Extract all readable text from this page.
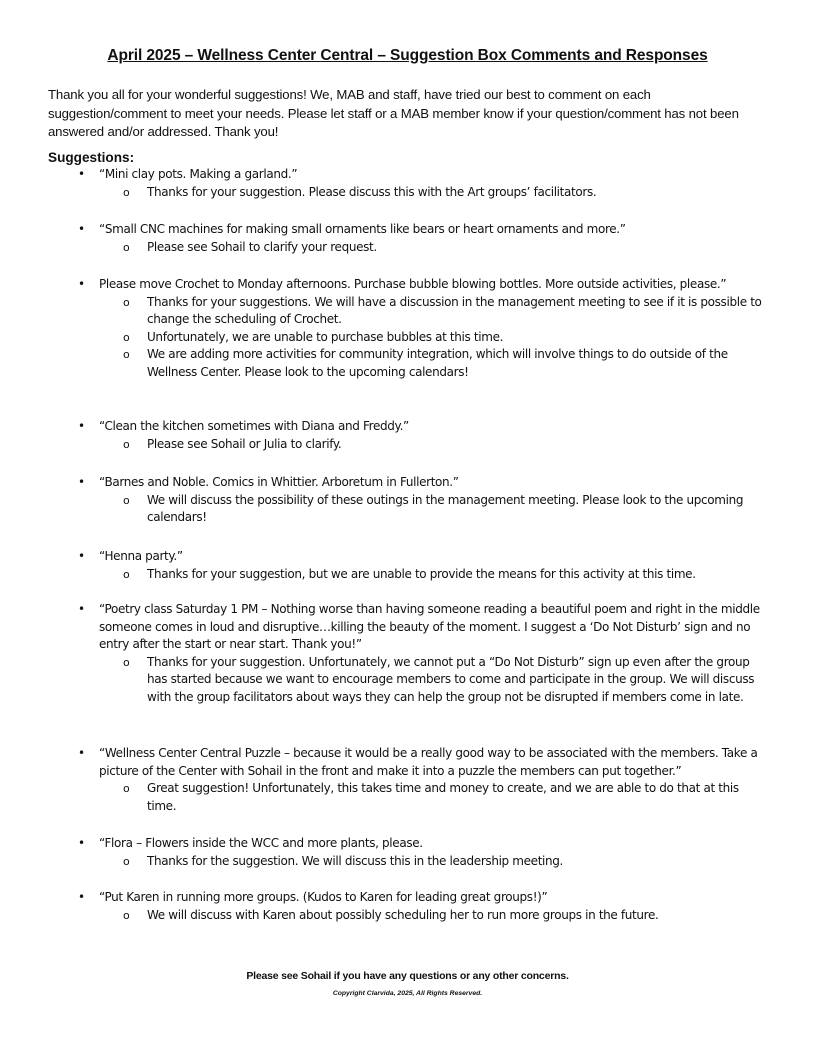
April 2025 – Wellness Center Central – Suggestion Box Comments and Responses
Thank you all for your wonderful suggestions! We, MAB and staff, have tried our best to comment on each suggestion/comment to meet your needs. Please let staff or a MAB member know if your question/comment has not been answered and/or addressed. Thank you!
Suggestions:
• “Mini clay pots. Making a garland.”
o Thanks for your suggestion. Please discuss this with the Art groups’ facilitators.
• “Small CNC machines for making small ornaments like bears or heart ornaments and more.”
o Please see Sohail to clarify your request.
• Please move Crochet to Monday afternoons. Purchase bubble blowing bottles. More outside activities, please.”
o Thanks for your suggestions. We will have a discussion in the management meeting to see if it is possible to change the scheduling of Crochet.
o Unfortunately, we are unable to purchase bubbles at this time.
o We are adding more activities for community integration, which will involve things to do outside of the Wellness Center. Please look to the upcoming calendars!
• “Clean the kitchen sometimes with Diana and Freddy.”
o Please see Sohail or Julia to clarify.
• “Barnes and Noble. Comics in Whittier. Arboretum in Fullerton.”
o We will discuss the possibility of these outings in the management meeting. Please look to the upcoming calendars!
• “Henna party.”
o Thanks for your suggestion, but we are unable to provide the means for this activity at this time.
• “Poetry class Saturday 1 PM – Nothing worse than having someone reading a beautiful poem and right in the middle someone comes in loud and disruptive…killing the beauty of the moment. I suggest a ‘Do Not Disturb’ sign and no entry after the start or near start. Thank you!”
o Thanks for your suggestion. Unfortunately, we cannot put a “Do Not Disturb” sign up even after the group has started because we want to encourage members to come and participate in the group. We will discuss with the group facilitators about ways they can help the group not be disrupted if members come in late.
• “Wellness Center Central Puzzle – because it would be a really good way to be associated with the members. Take a picture of the Center with Sohail in the front and make it into a puzzle the members can put together.”
o Great suggestion! Unfortunately, this takes time and money to create, and we are able to do that at this time.
• “Flora – Flowers inside the WCC and more plants, please.
o Thanks for the suggestion. We will discuss this in the leadership meeting.
• “Put Karen in running more groups. (Kudos to Karen for leading great groups!)”
o We will discuss with Karen about possibly scheduling her to run more groups in the future.
Please see Sohail if you have any questions or any other concerns.
Copyright Clarvida, 2025, All Rights Reserved.
